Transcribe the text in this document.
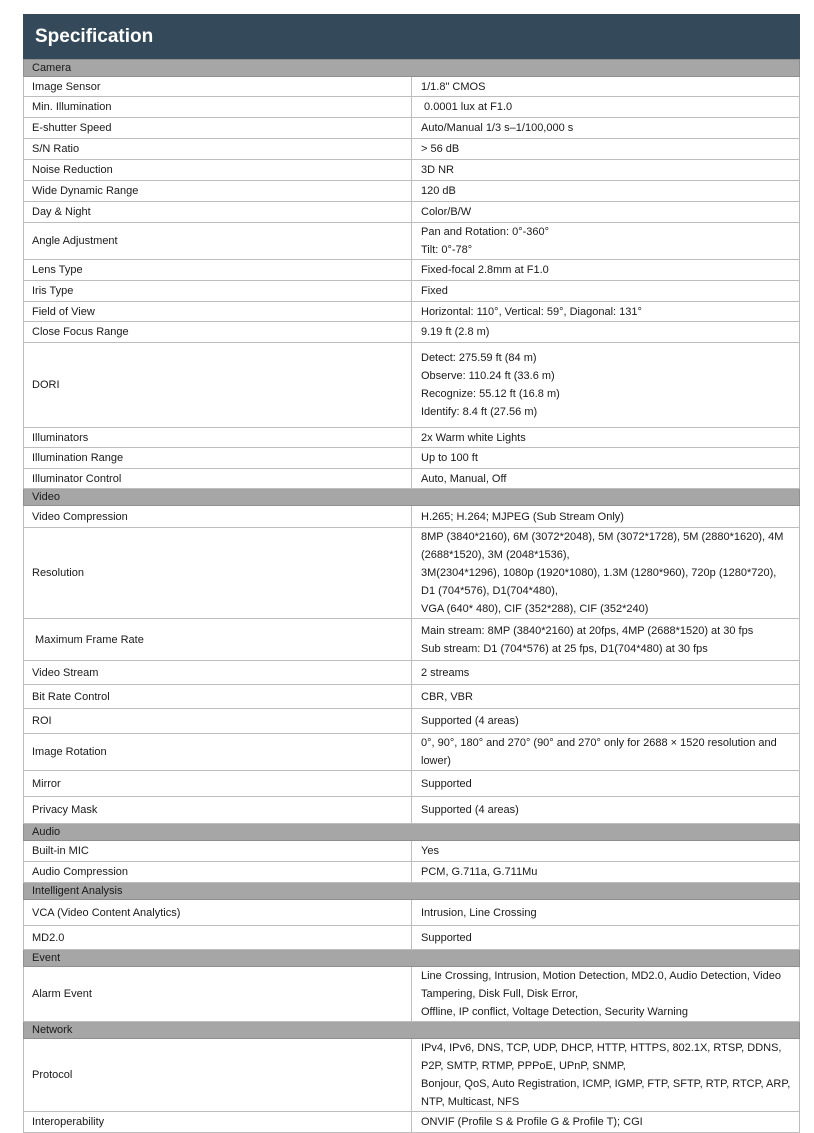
Specification
Camera	
Image Sensor	1/1.8" CMOS

Min. Illumination	0.0001 lux at F1.0

E-shutter Speed	Auto/Manual 1/3 s–1/100,000 s

S/N Ratio	> 56 dB

Noise Reduction	3D NR

Wide Dynamic Range	120 dB

Day & Night	Color/B/W

Angle Adjustment	Pan and Rotation: 0°-360°
Tilt: 0°-78°

Lens Type	Fixed-focal 2.8mm at F1.0

Iris Type	Fixed

Field of View	Horizontal: 110°, Vertical: 59°, Diagonal: 131°

Close Focus Range	9.19 ft (2.8 m)

DORI	Detect: 275.59 ft (84 m)
Observe: 110.24 ft (33.6 m)
Recognize: 55.12 ft (16.8 m)
Identify: 8.4 ft (27.56 m)

Illuminators	2x Warm white Lights

Illumination Range	Up to 100 ft

Illuminator Control	Auto, Manual, Off

Video	
Video Compression	H.265; H.264; MJPEG (Sub Stream Only)

Resolution	8MP (3840*2160), 6M (3072*2048), 5M (3072*1728), 5M (2880*1620), 4M (2688*1520), 3M (2048*1536),
3M(2304*1296), 1080p (1920*1080), 1.3M (1280*960), 720p (1280*720), D1 (704*576), D1(704*480),
VGA (640* 480), CIF (352*288), CIF (352*240)

Maximum Frame Rate	Main stream: 8MP (3840*2160) at 20fps, 4MP (2688*1520) at 30 fps
Sub stream: D1 (704*576) at 25 fps, D1(704*480) at 30 fps

Video Stream	2 streams

Bit Rate Control	CBR, VBR

ROI	Supported (4 areas)

Image Rotation	0°, 90°, 180° and 270° (90° and 270° only for 2688 × 1520 resolution and lower)

Mirror	Supported

Privacy Mask	Supported (4 areas)

Audio	
Built-in MIC	Yes

Audio Compression	PCM, G.711a, G.711Mu

Intelligent Analysis	
VCA (Video Content Analytics)	Intrusion, Line Crossing

MD2.0	Supported

Event	
Alarm Event	Line Crossing, Intrusion, Motion Detection, MD2.0, Audio Detection, Video Tampering, Disk Full, Disk Error,
Offline, IP conflict, Voltage Detection, Security Warning

Network	
Protocol	IPv4, IPv6, DNS, TCP, UDP, DHCP, HTTP, HTTPS, 802.1X, RTSP, DDNS, P2P, SMTP, RTMP, PPPoE, UPnP, SNMP,
Bonjour, QoS, Auto Registration, ICMP, IGMP, FTP, SFTP, RTP, RTCP, ARP, NTP, Multicast, NFS

Interoperability	ONVIF (Profile S & Profile G & Profile T); CGI
